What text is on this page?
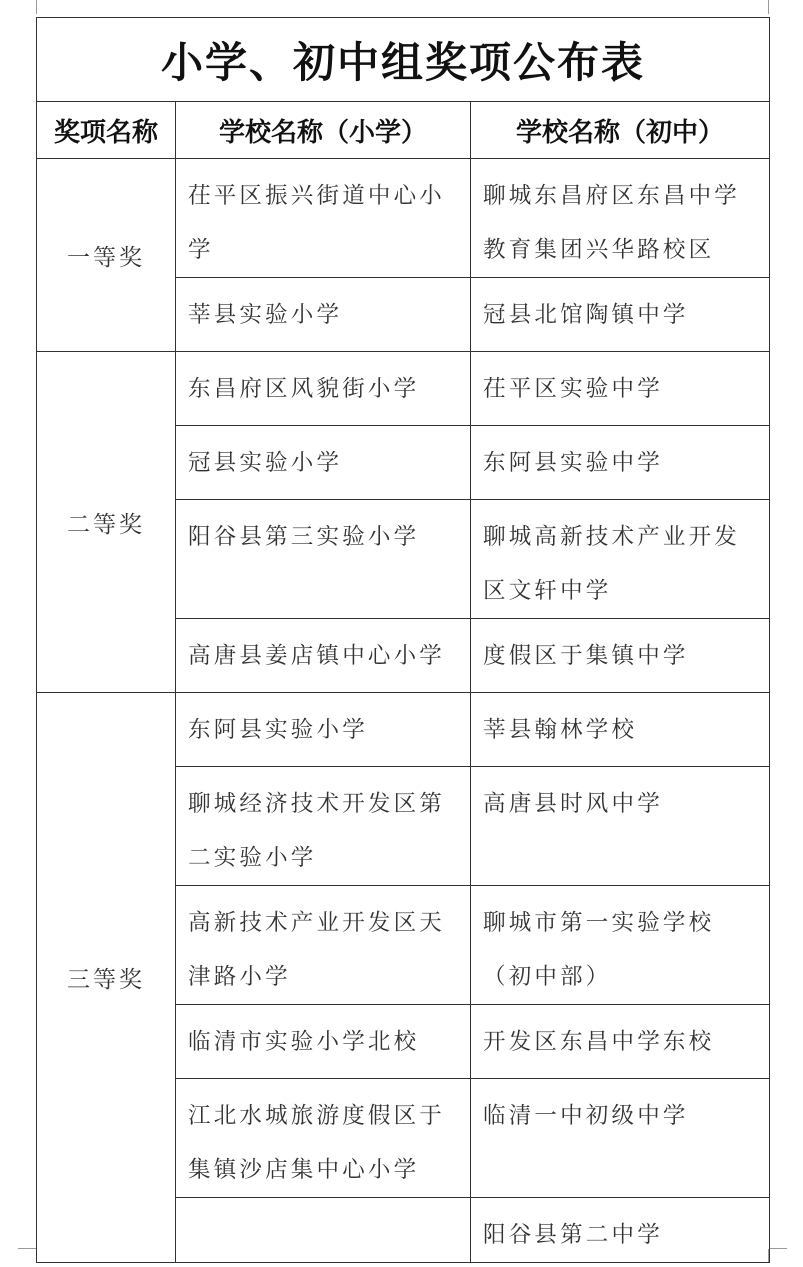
小学、初中组奖项公布表		
奖项名称	学校名称（小学）	学校名称（初中）
一等奖	茌平区振兴街道中心小学	聊城东昌府区东昌中学教育集团兴华路校区
	莘县实验小学	冠县北馆陶镇中学
二等奖	东昌府区风貌街小学	茌平区实验中学
	冠县实验小学	东阿县实验中学
	阳谷县第三实验小学	聊城高新技术产业开发区文轩中学
	高唐县姜店镇中心小学	度假区于集镇中学
三等奖	东阿县实验小学	莘县翰林学校
	聊城经济技术开发区第二实验小学	高唐县时风中学
	高新技术产业开发区天津路小学	聊城市第一实验学校（初中部）
	临清市实验小学北校	开发区东昌中学东校
	江北水城旅游度假区于集镇沙店集中心小学	临清一中初级中学
		阳谷县第二中学
